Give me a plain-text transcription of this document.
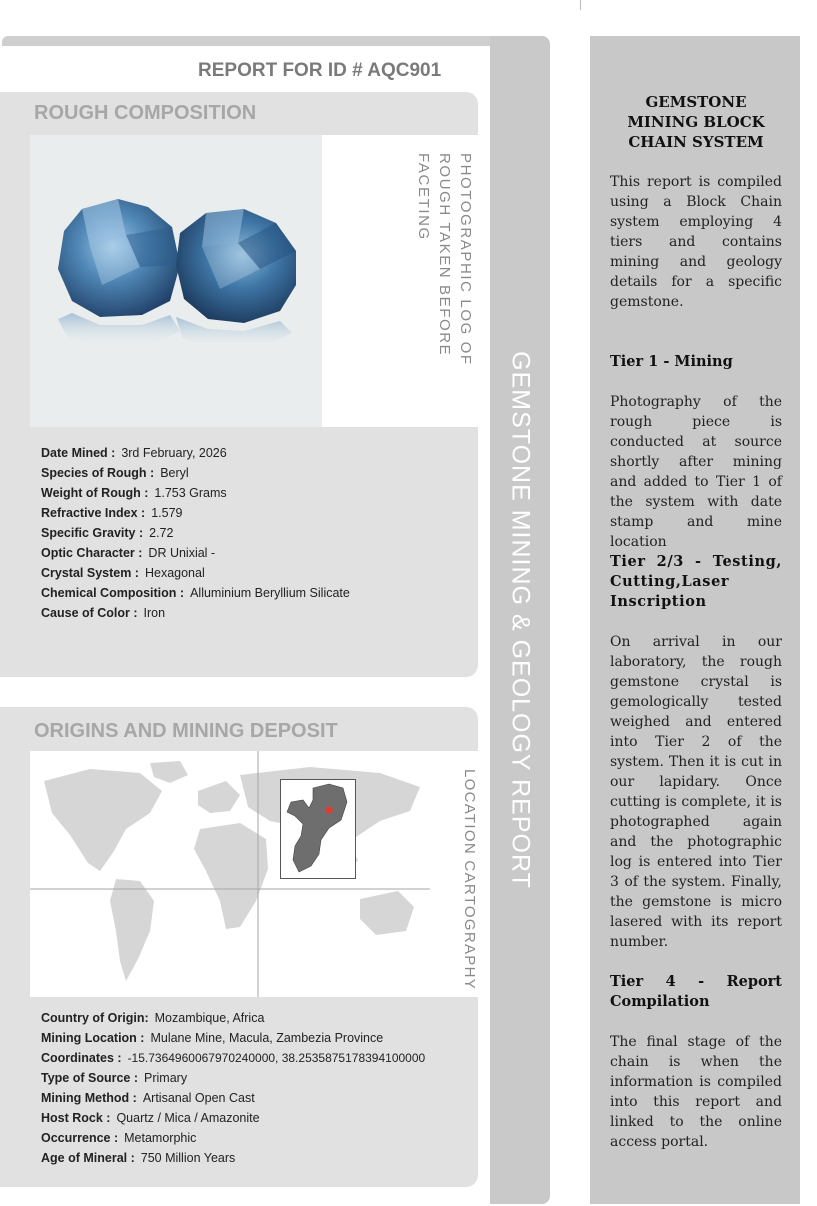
GEMSTONE MINING & GEOLOGY REPORT
REPORT FOR ID # AQC901
ROUGH COMPOSITION
PHOTOGRAPHIC LOG OF ROUGH TAKEN BEFORE FACETING
Date Mined : 3rd February, 2026
Species of Rough : Beryl
Weight of Rough : 1.753 Grams
Refractive Index : 1.579
Specific Gravity : 2.72
Optic Character : DR Unixial -
Crystal System : Hexagonal
Chemical Composition : Alluminium Beryllium Silicate
Cause of Color : Iron
ORIGINS AND MINING DEPOSIT
LOCATION CARTOGRAPHY
Country of Origin: Mozambique, Africa
Mining Location : Mulane Mine, Macula, Zambezia Province
Coordinates : -15.7364960067970240000, 38.2535875178394100000
Type of Source : Primary
Mining Method : Artisanal Open Cast
Host Rock : Quartz / Mica / Amazonite
Occurrence : Metamorphic
Age of Mineral : 750 Million Years
GEMSTONE MINING BLOCK CHAIN SYSTEM

This report is compiled using a Block Chain system employing 4 tiers and contains mining and geology details for a specific gemstone.

Tier 1 - Mining

Photography of the rough piece is conducted at source shortly after mining and added to Tier 1 of the system with date stamp and mine location

Tier 2/3 - Testing, Cutting,Laser Inscription

On arrival in our laboratory, the rough gemstone crystal is gemologically tested weighed and entered into Tier 2 of the system. Then it is cut in our lapidary. Once cutting is complete, it is photographed again and the photographic log is entered into Tier 3 of the system. Finally, the gemstone is micro lasered with its report number.

Tier 4 - Report Compilation

The final stage of the chain is when the information is compiled into this report and linked to the online access portal.
